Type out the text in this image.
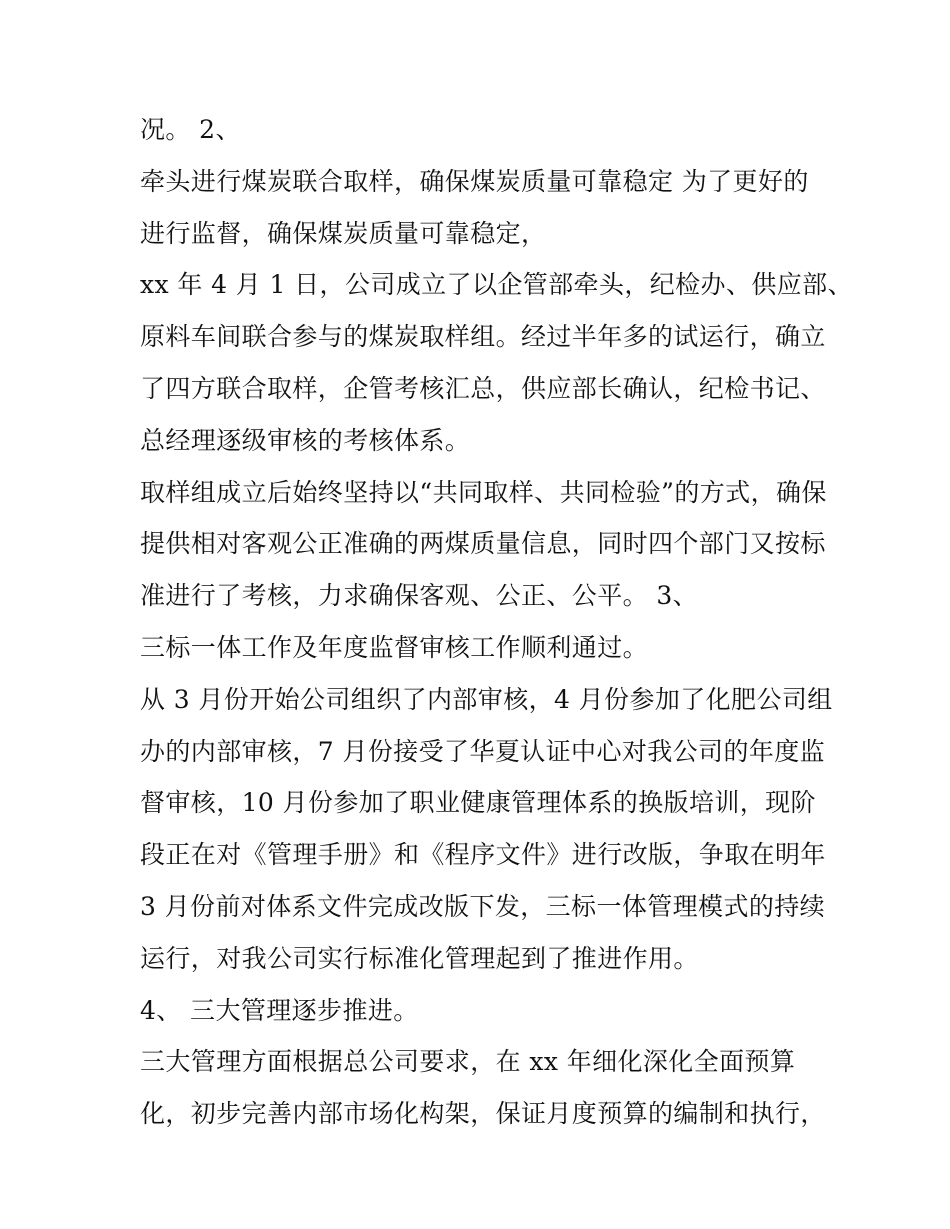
况。 2、
牵头进行煤炭联合取样，确保煤炭质量可靠稳定 为了更好的
进行监督，确保煤炭质量可靠稳定，
xx 年 4 月 1 日，公司成立了以企管部牵头，纪检办、供应部、
原料车间联合参与的煤炭取样组。经过半年多的试运行，确立
了四方联合取样，企管考核汇总，供应部长确认，纪检书记、
总经理逐级审核的考核体系。
取样组成立后始终坚持以“共同取样、共同检验”的方式，确保
提供相对客观公正准确的两煤质量信息，同时四个部门又按标
准进行了考核，力求确保客观、公正、公平。 3、
三标一体工作及年度监督审核工作顺利通过。
从 3 月份开始公司组织了内部审核，4 月份参加了化肥公司组
办的内部审核，7 月份接受了华夏认证中心对我公司的年度监
督审核，10 月份参加了职业健康管理体系的换版培训，现阶
段正在对《管理手册》和《程序文件》进行改版，争取在明年
3 月份前对体系文件完成改版下发，三标一体管理模式的持续
运行，对我公司实行标准化管理起到了推进作用。
4、 三大管理逐步推进。
三大管理方面根据总公司要求，在 xx 年细化深化全面预算
化，初步完善内部市场化构架，保证月度预算的编制和执行，
